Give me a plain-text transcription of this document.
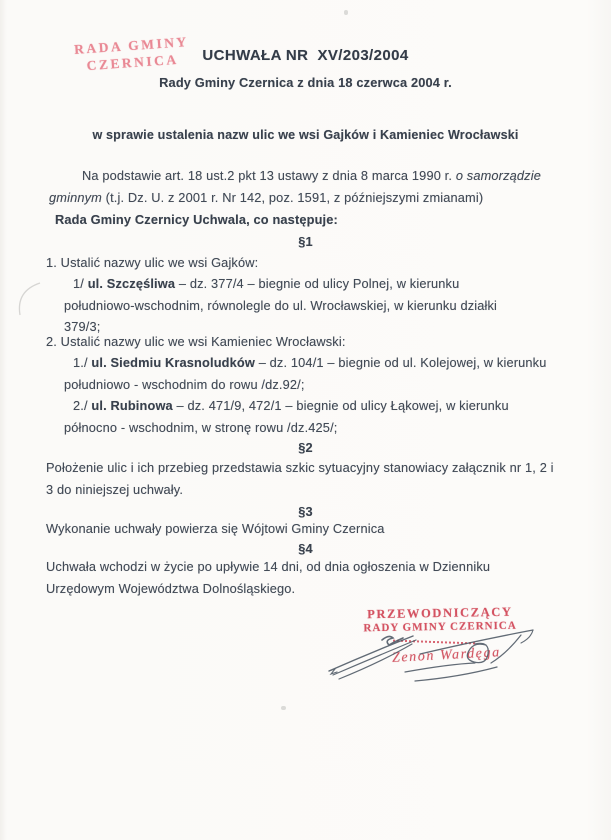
RADA GMINY
CZERNICA	UCHWAŁA NR  XV/203/2004
Rady Gminy Czernica z dnia 18 czerwca 2004 r.
w sprawie ustalenia nazw ulic we wsi Gajków i Kamieniec Wrocławski
Na podstawie art. 18 ust.2 pkt 13 ustawy z dnia 8 marca 1990 r. o samorządzie gminnym (t.j. Dz. U. z 2001 r. Nr 142, poz. 1591, z późniejszymi zmianami)
Rada Gminy Czernicy Uchwala, co następuje:
§1
1. Ustalić nazwy ulic we wsi Gajków:
1/ ul. Szczęśliwa – dz. 377/4 – biegnie od ulicy Polnej, w kierunku południowo-wschodnim, równolegle do ul. Wrocławskiej, w kierunku działki 379/3;
2. Ustalić nazwy ulic we wsi Kamieniec Wrocławski:
1./ ul. Siedmiu Krasnoludków – dz. 104/1 – biegnie od ul. Kolejowej, w kierunku południowo - wschodnim do rowu /dz.92/;
2./ ul. Rubinowa – dz. 471/9, 472/1 – biegnie od ulicy Łąkowej, w kierunku północno - wschodnim, w stronę rowu /dz.425/;
§2
Położenie ulic i ich przebieg przedstawia szkic sytuacyjny stanowiacy załącznik nr 1, 2 i 3 do niniejszej uchwały.
§3
Wykonanie uchwały powierza się Wójtowi Gminy Czernica
§4
Uchwała wchodzi w życie po upływie 14 dni, od dnia ogłoszenia w Dzienniku Urzędowym Województwa Dolnośląskiego.
PRZEWODNICZĄCY
RADY GMINY CZERNICA
Zenon Wardęga
